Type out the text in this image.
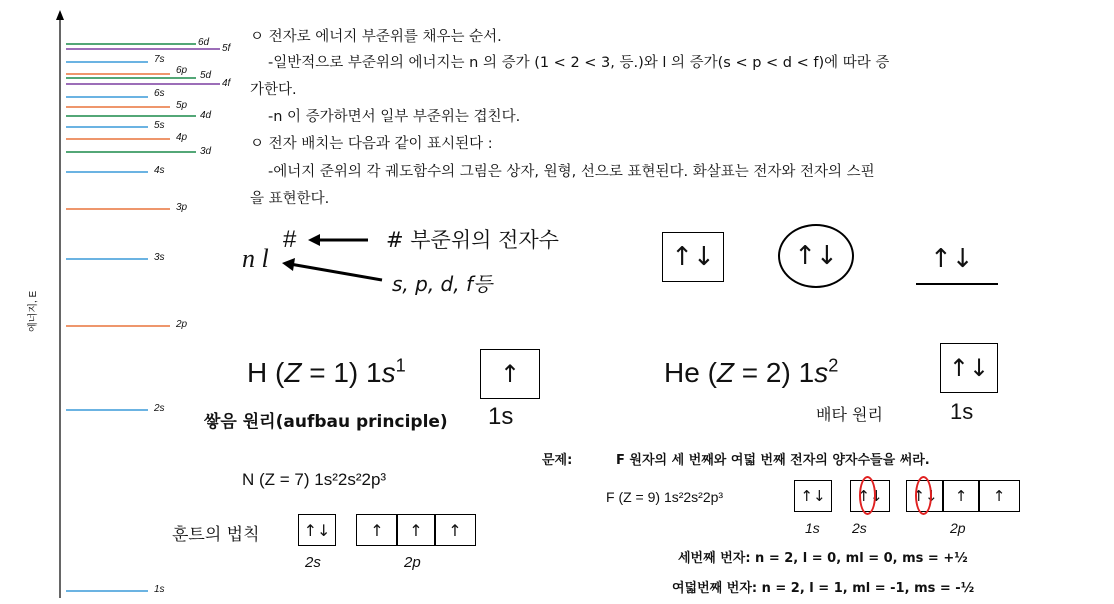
6d
5f
7s
6p 5d
4f
6s
5p
4d
5s
4p
3d
4s
3p
3s
2p
2s
1s
에너지, E
ㅇ 전자로 에너지 부준위를 채우는 순서.
-일반적으로 부준위의 에너지는 n 의 증가 (1 < 2 < 3, 등.)와 l 의 증가(s < p < d < f)에 따라 증
가한다.
-n 이 증가하면서 일부 부준위는 겹친다.
ㅇ 전자 배치는 다음과 같이 표시된다 :
-에너지 준위의 각 궤도함수의 그림은 상자, 원형, 선으로 표현된다. 화살표는 전자와 전자의 스핀
을 표현한다.
n l
#	# 부준위의 전자수
s, p, d, f등
↑↓	↑↓	↑↓
H (Z = 1) $1s^1$	↑
쌓음 원리(aufbau principle) 1s
He (Z = 2) $1s^2$	↑↓
배타 원리	1s
N (Z = 7) 1s²2s²2p³
훈트의 법칙	↑↓	↑	↑	↑
2s	2p
문제:	F 원자의 세 번째와 여덟 번째 전자의 양자수들을 써라.
F (Z = 9) 1s²2s²2p³	↑↓	↑↓	↑↓	↑	↑
1s 2s	2p
세번째 번자: n = 2, l = 0, ml = 0, ms = +½
여덟번째 번자: n = 2, l = 1, ml = -1, ms = -½
